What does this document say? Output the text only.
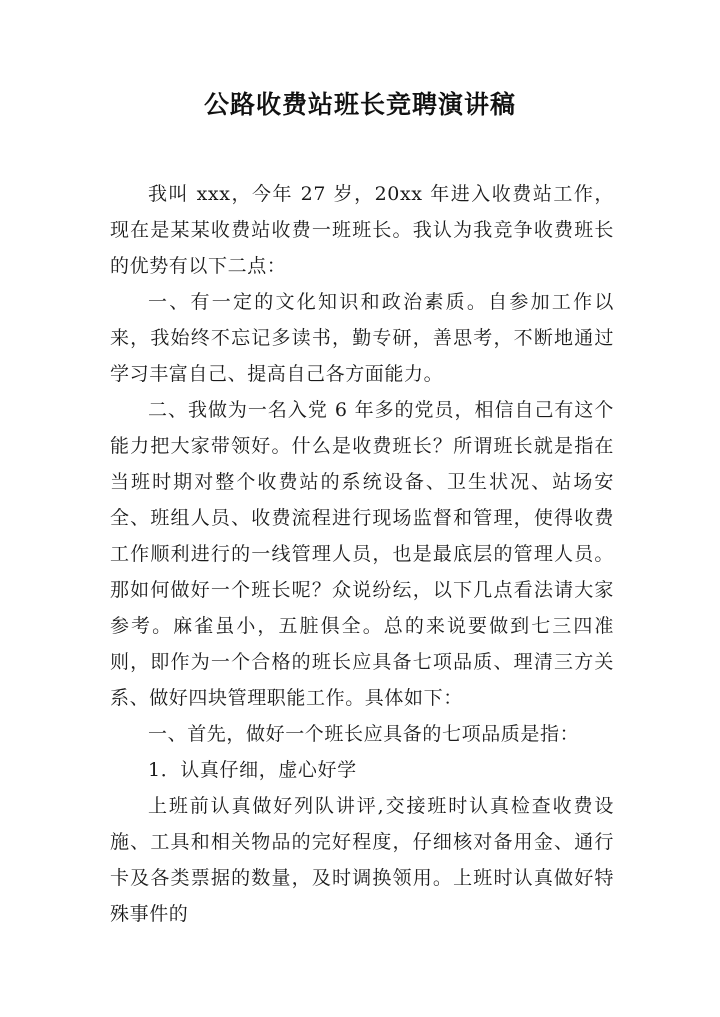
公路收费站班长竞聘演讲稿

我叫 xxx，今年 27 岁，20xx 年进入收费站工作，现在是某某收费站收费一班班长。我认为我竞争收费班长的优势有以下二点：

一、有一定的文化知识和政治素质。自参加工作以来，我始终不忘记多读书，勤专研，善思考，不断地通过学习丰富自己、提高自己各方面能力。

二、我做为一名入党 6 年多的党员，相信自己有这个能力把大家带领好。什么是收费班长？所谓班长就是指在当班时期对整个收费站的系统设备、卫生状况、站场安全、班组人员、收费流程进行现场监督和管理，使得收费工作顺利进行的一线管理人员，也是最底层的管理人员。那如何做好一个班长呢？众说纷纭，以下几点看法请大家参考。麻雀虽小，五脏俱全。总的来说要做到七三四准则，即作为一个合格的班长应具备七项品质、理清三方关系、做好四块管理职能工作。具体如下：

一、首先，做好一个班长应具备的七项品质是指：

1．认真仔细，虚心好学

上班前认真做好列队讲评,交接班时认真检查收费设施、工具和相关物品的完好程度，仔细核对备用金、通行卡及各类票据的数量，及时调换领用。上班时认真做好特殊事件的
